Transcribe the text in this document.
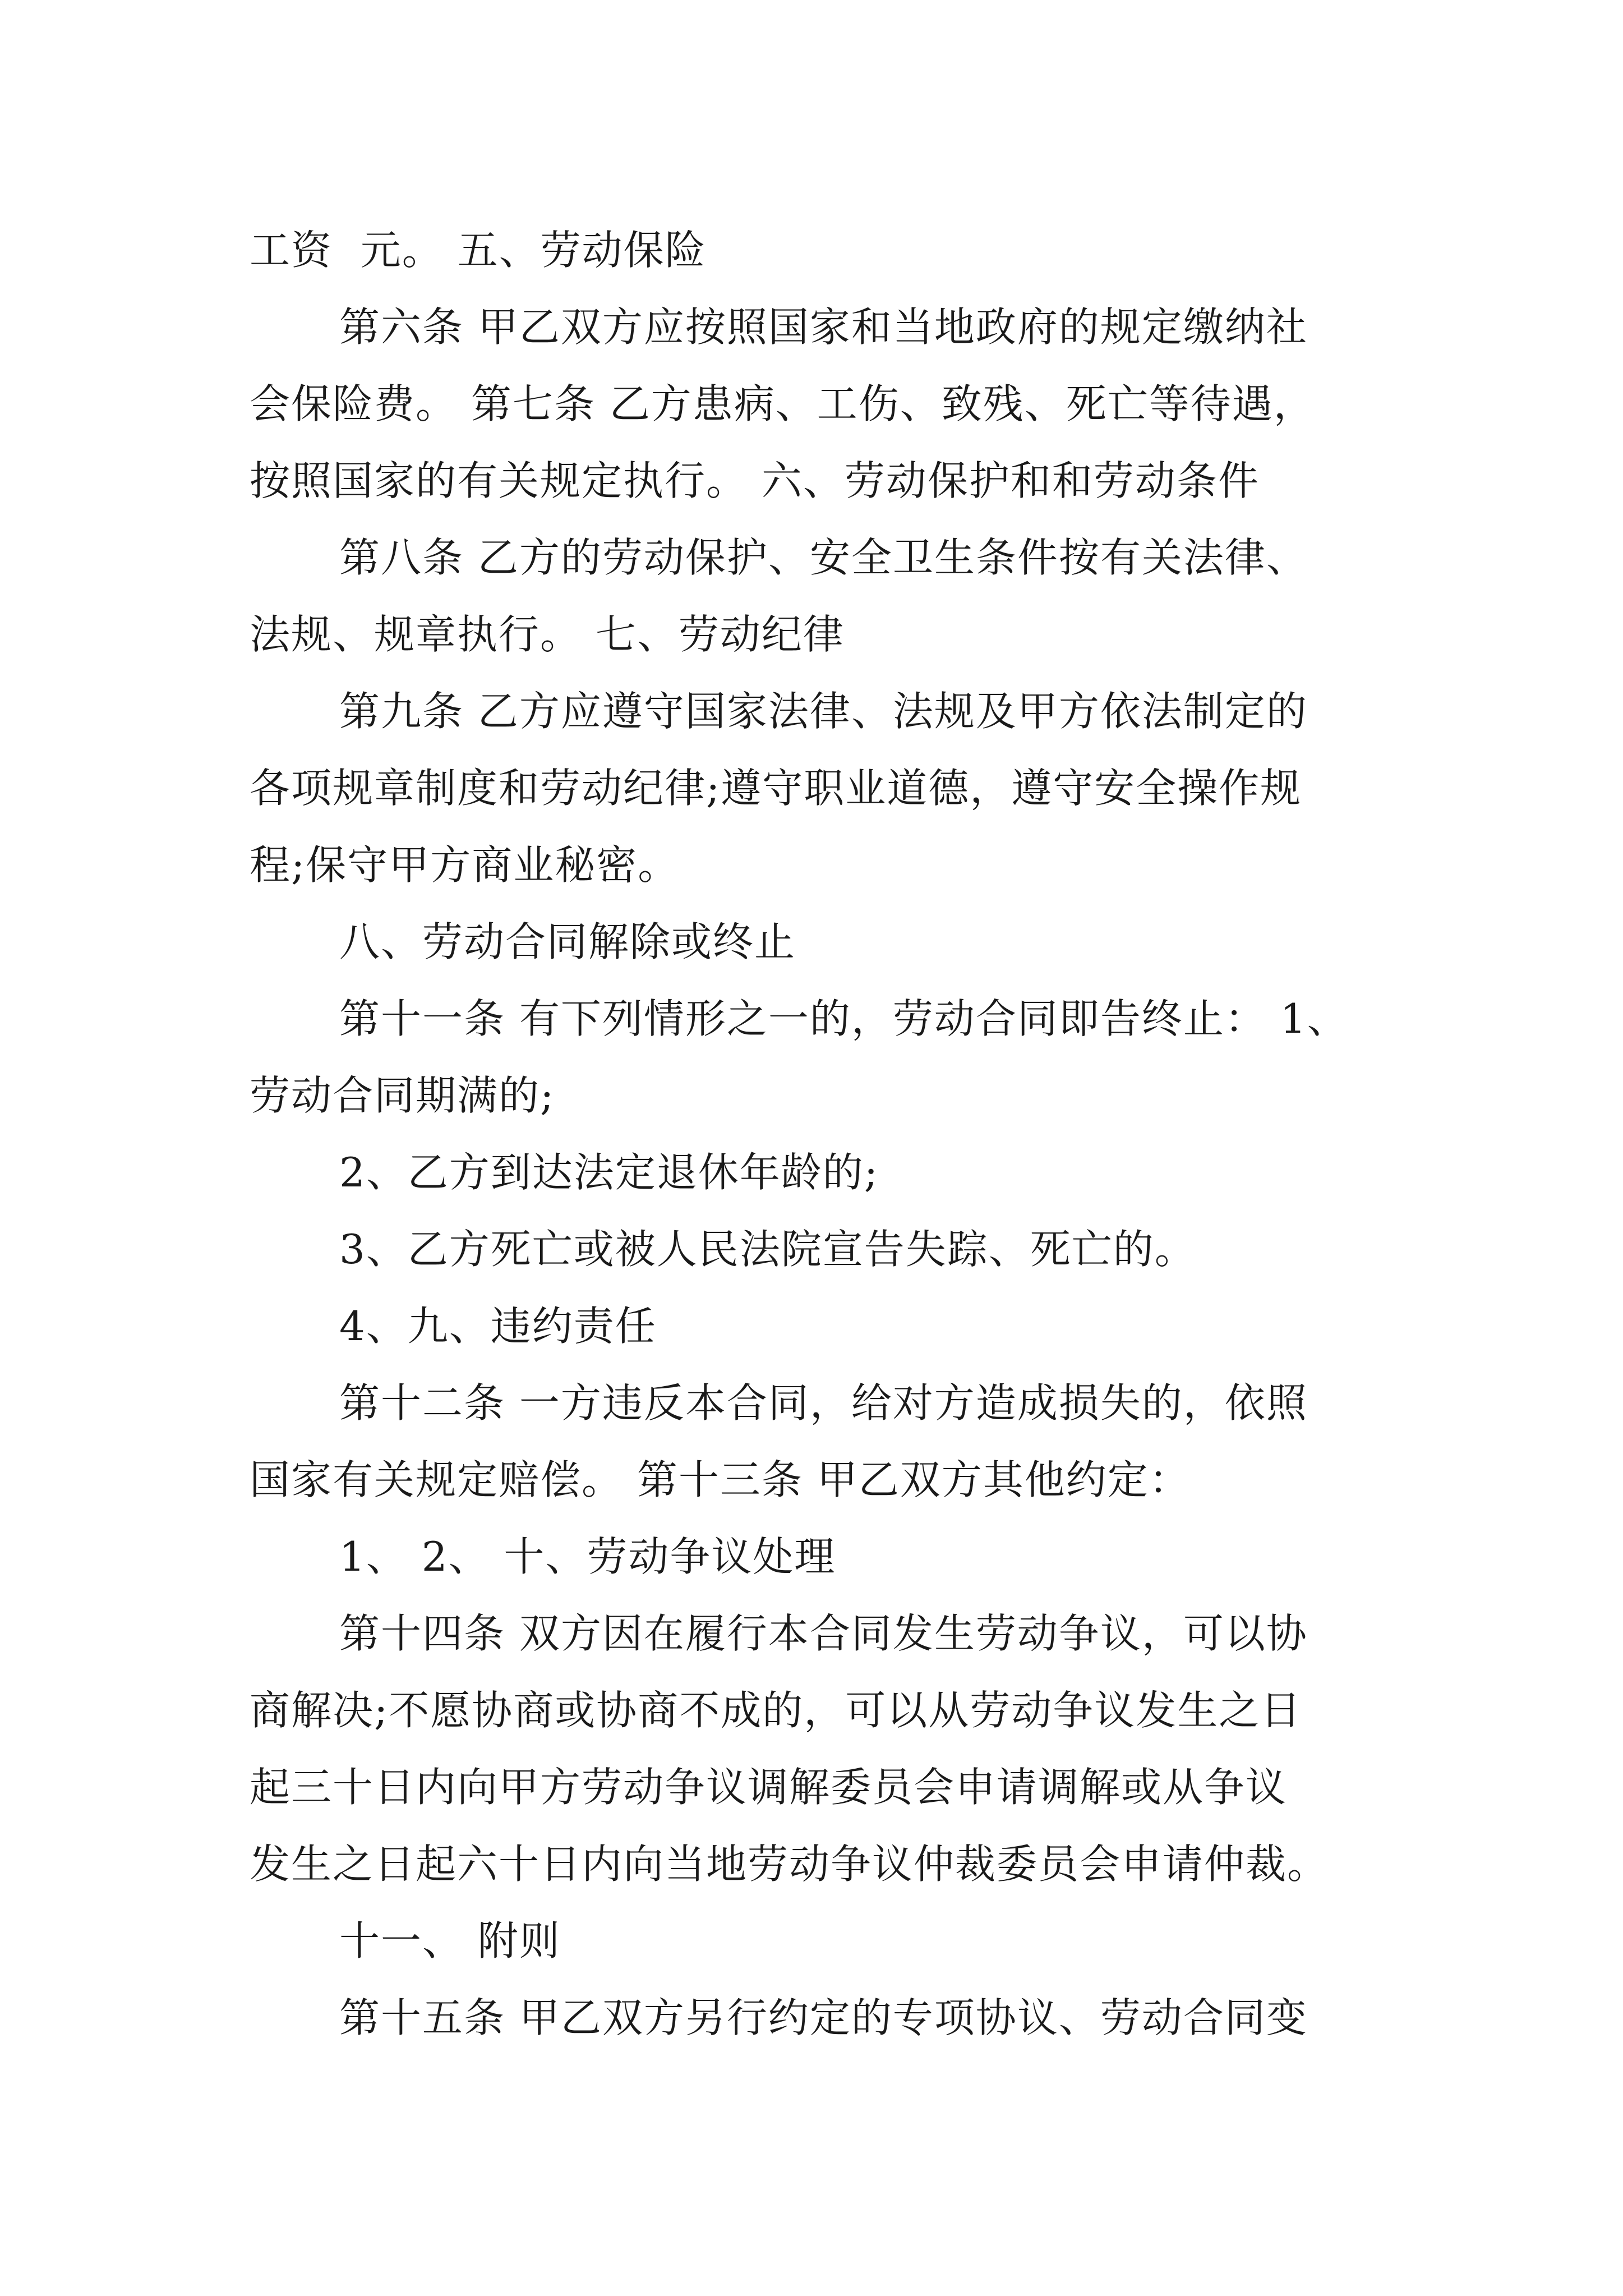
工资  元。 五、劳动保险
第六条 甲乙双方应按照国家和当地政府的规定缴纳社
会保险费。 第七条 乙方患病、工伤、致残、死亡等待遇，
按照国家的有关规定执行。 六、劳动保护和和劳动条件
第八条 乙方的劳动保护、安全卫生条件按有关法律、
法规、规章执行。 七、劳动纪律
第九条 乙方应遵守国家法律、法规及甲方依法制定的
各项规章制度和劳动纪律;遵守职业道德，遵守安全操作规
程;保守甲方商业秘密。
八、劳动合同解除或终止
第十一条 有下列情形之一的，劳动合同即告终止： 1、
劳动合同期满的;
2、乙方到达法定退休年龄的;
3、乙方死亡或被人民法院宣告失踪、死亡的。
4、九、违约责任
第十二条 一方违反本合同，给对方造成损失的，依照
国家有关规定赔偿。 第十三条 甲乙双方其他约定：
1、 2、 十、劳动争议处理
第十四条 双方因在履行本合同发生劳动争议，可以协
商解决;不愿协商或协商不成的，可以从劳动争议发生之日
起三十日内向甲方劳动争议调解委员会申请调解或从争议
发生之日起六十日内向当地劳动争议仲裁委员会申请仲裁。
十一、 附则
第十五条 甲乙双方另行约定的专项协议、劳动合同变
